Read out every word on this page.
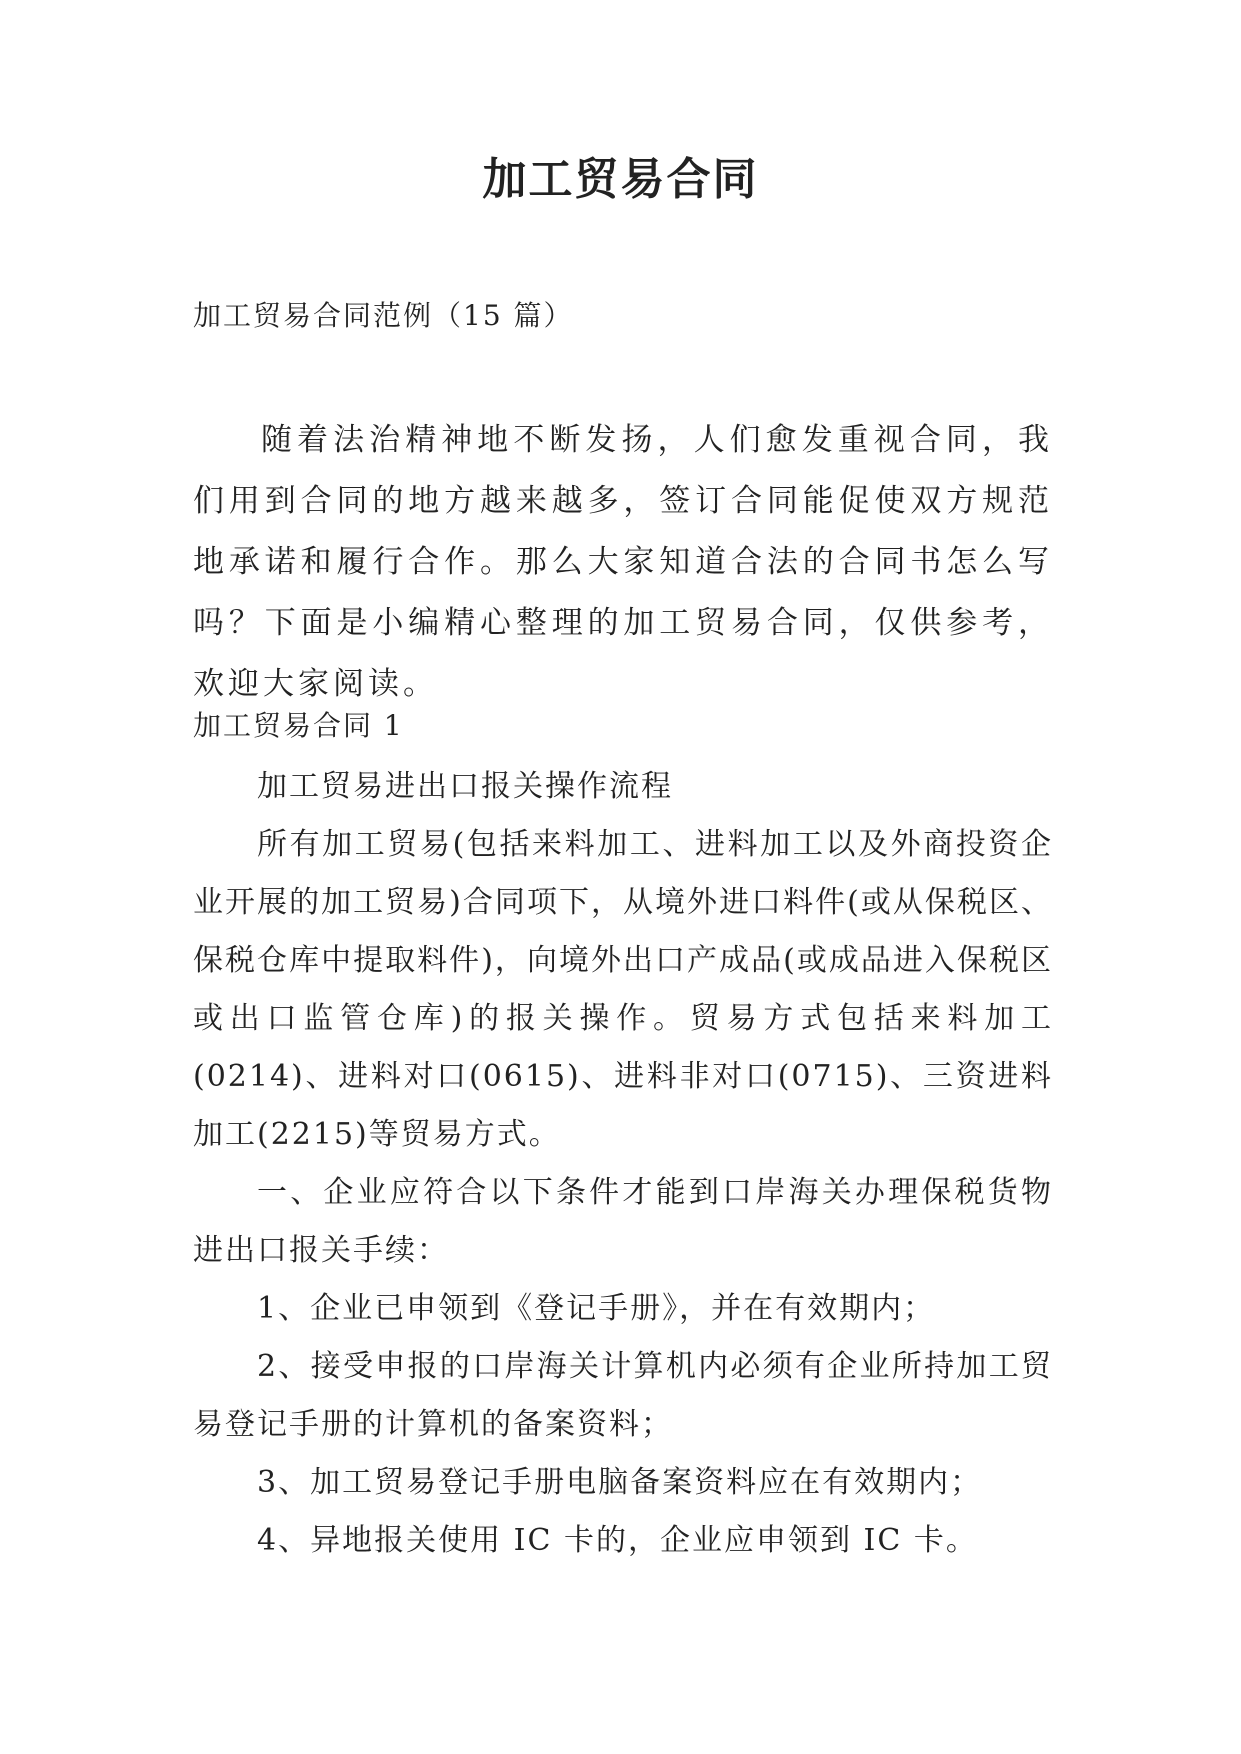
加工贸易合同
加工贸易合同范例（15 篇）

随着法治精神地不断发扬，人们愈发重视合同，我们用到合同的地方越来越多，签订合同能促使双方规范地承诺和履行合作。那么大家知道合法的合同书怎么写吗？下面是小编精心整理的加工贸易合同，仅供参考，欢迎大家阅读。

加工贸易合同 1

加工贸易进出口报关操作流程

所有加工贸易(包括来料加工、进料加工以及外商投资企业开展的加工贸易)合同项下，从境外进口料件(或从保税区、保税仓库中提取料件)，向境外出口产成品(或成品进入保税区或出口监管仓库)的报关操作。贸易方式包括来料加工(0214)、进料对口(0615)、进料非对口(0715)、三资进料加工(2215)等贸易方式。

一、企业应符合以下条件才能到口岸海关办理保税货物进出口报关手续：

1、企业已申领到《登记手册》，并在有效期内；

2、接受申报的口岸海关计算机内必须有企业所持加工贸易登记手册的计算机的备案资料；

3、加工贸易登记手册电脑备案资料应在有效期内；

4、异地报关使用 IC 卡的，企业应申领到 IC 卡。
